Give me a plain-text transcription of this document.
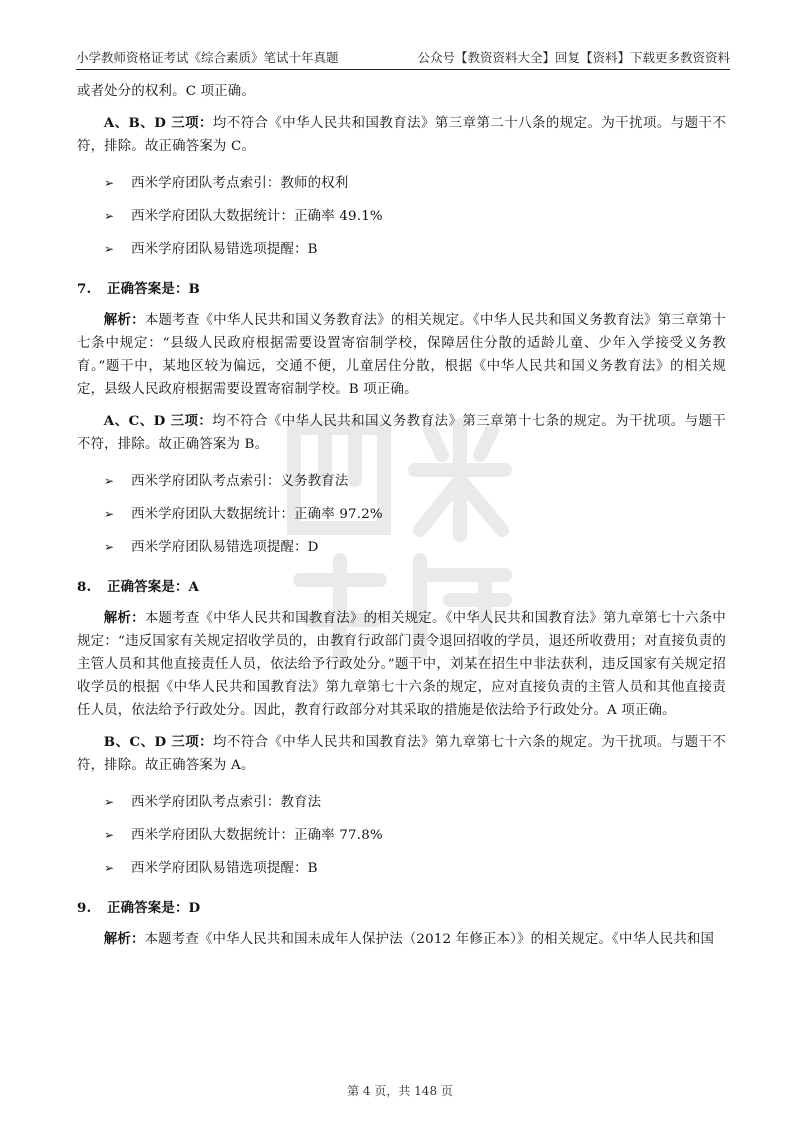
小学教师资格证考试《综合素质》笔试十年真题	公众号【教资资料大全】回复【资料】下载更多教资资料

或者处分的权利。C 项正确。

A、B、D 三项：均不符合《中华人民共和国教育法》第三章第二十八条的规定。为干扰项。与题干不符，排除。故正确答案为 C。

➢	西米学府团队考点索引：教师的权利
➢	西米学府团队大数据统计：正确率 49.1%
➢	西米学府团队易错选项提醒：B
7.	正确答案是：B

解析：本题考查《中华人民共和国义务教育法》的相关规定。《中华人民共和国义务教育法》第三章第十七条中规定：“县级人民政府根据需要设置寄宿制学校，保障居住分散的适龄儿童、少年入学接受义务教育。”题干中，某地区较为偏远，交通不便，儿童居住分散，根据《中华人民共和国义务教育法》的相关规定，县级人民政府根据需要设置寄宿制学校。B 项正确。

A、C、D 三项：均不符合《中华人民共和国义务教育法》第三章第十七条的规定。为干扰项。与题干不符，排除。故正确答案为 B。

➢	西米学府团队考点索引：义务教育法
➢	西米学府团队大数据统计：正确率 97.2%
➢	西米学府团队易错选项提醒：D
8.	正确答案是：A

解析：本题考查《中华人民共和国教育法》的相关规定。《中华人民共和国教育法》第九章第七十六条中规定：“违反国家有关规定招收学员的，由教育行政部门责令退回招收的学员，退还所收费用；对直接负责的主管人员和其他直接责任人员，依法给予行政处分。”题干中，刘某在招生中非法获利，违反国家有关规定招收学员的根据《中华人民共和国教育法》第九章第七十六条的规定，应对直接负责的主管人员和其他直接责任人员，依法给予行政处分。因此，教育行政部分对其采取的措施是依法给予行政处分。A 项正确。

B、C、D 三项：均不符合《中华人民共和国教育法》第九章第七十六条的规定。为干扰项。与题干不符，排除。故正确答案为 A。

➢	西米学府团队考点索引：教育法
➢	西米学府团队大数据统计：正确率 77.8%
➢	西米学府团队易错选项提醒：B
9.	正确答案是：D

解析：本题考查《中华人民共和国未成年人保护法（2012 年修正本）》的相关规定。《中华人民共和国

第 4 页，共 148 页
